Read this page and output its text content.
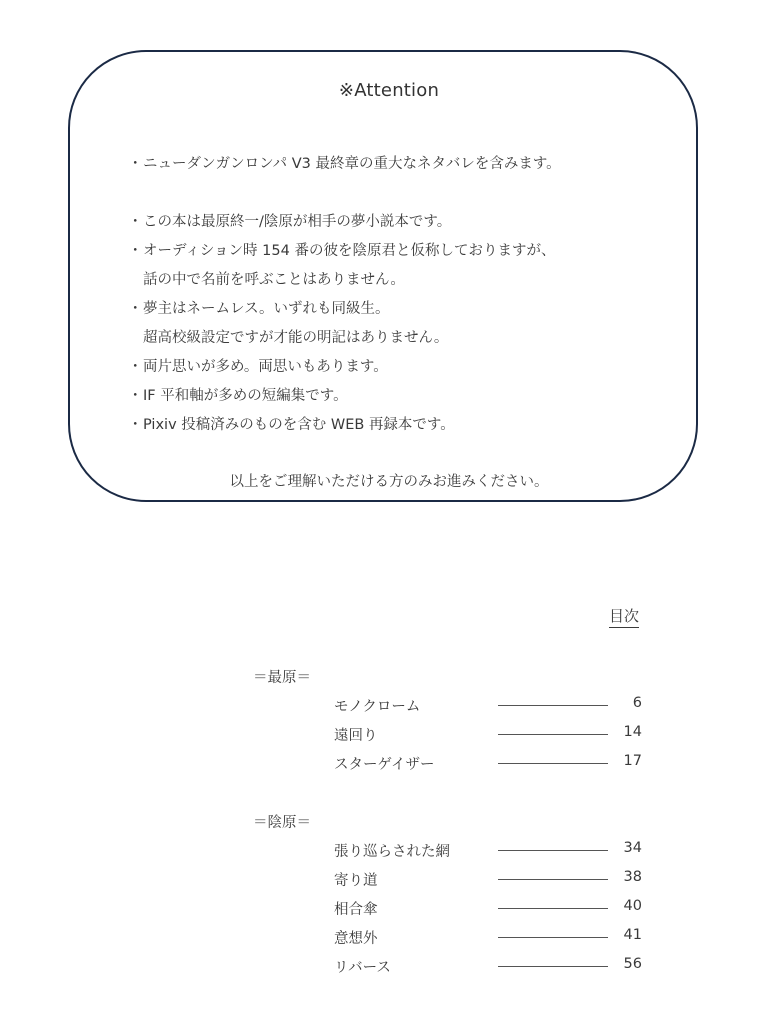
※Attention
・ニューダンガンロンパ V3 最終章の重大なネタバレを含みます。
・この本は最原終一/陰原が相手の夢小説本です。
・オーディション時 154 番の彼を陰原君と仮称しておりますが、
話の中で名前を呼ぶことはありません。
・夢主はネームレス。いずれも同級生。
超高校級設定ですが才能の明記はありません。
・両片思いが多め。両思いもあります。
・IF 平和軸が多めの短編集です。
・Pixiv 投稿済みのものを含む WEB 再録本です。
以上をご理解いただける方のみお進みください。
目次
＝最原＝
モノクローム	6
遠回り	14
スターゲイザー	17
＝陰原＝
張り巡らされた網	34
寄り道	38
相合傘	40
意想外	41
リバース	56
